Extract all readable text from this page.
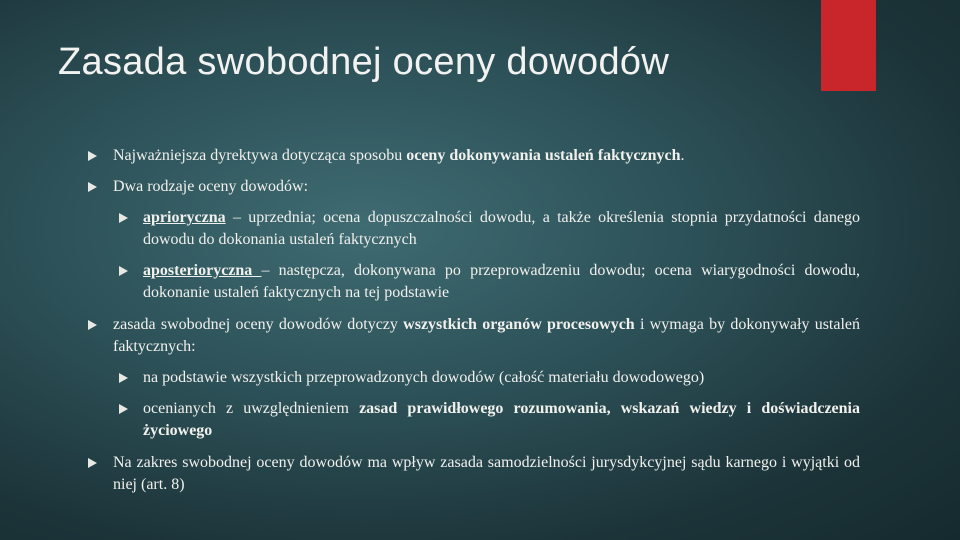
Zasada swobodnej oceny dowodów
Najważniejsza dyrektywa dotycząca sposobu oceny dokonywania ustaleń faktycznych.
Dwa rodzaje oceny dowodów:
aprioryczna – uprzednia; ocena dopuszczalności dowodu, a także określenia stopnia przydatności danego dowodu do dokonania ustaleń faktycznych
aposterioryczna – następcza, dokonywana po przeprowadzeniu dowodu; ocena wiarygodności dowodu, dokonanie ustaleń faktycznych na tej podstawie
zasada swobodnej oceny dowodów dotyczy wszystkich organów procesowych i wymaga by dokonywały ustaleń faktycznych:
na podstawie wszystkich przeprowadzonych dowodów (całość materiału dowodowego)
ocenianych z uwzględnieniem zasad prawidłowego rozumowania, wskazań wiedzy i doświadczenia życiowego
Na zakres swobodnej oceny dowodów ma wpływ zasada samodzielności jurysdykcyjnej sądu karnego i wyjątki od niej (art. 8)
